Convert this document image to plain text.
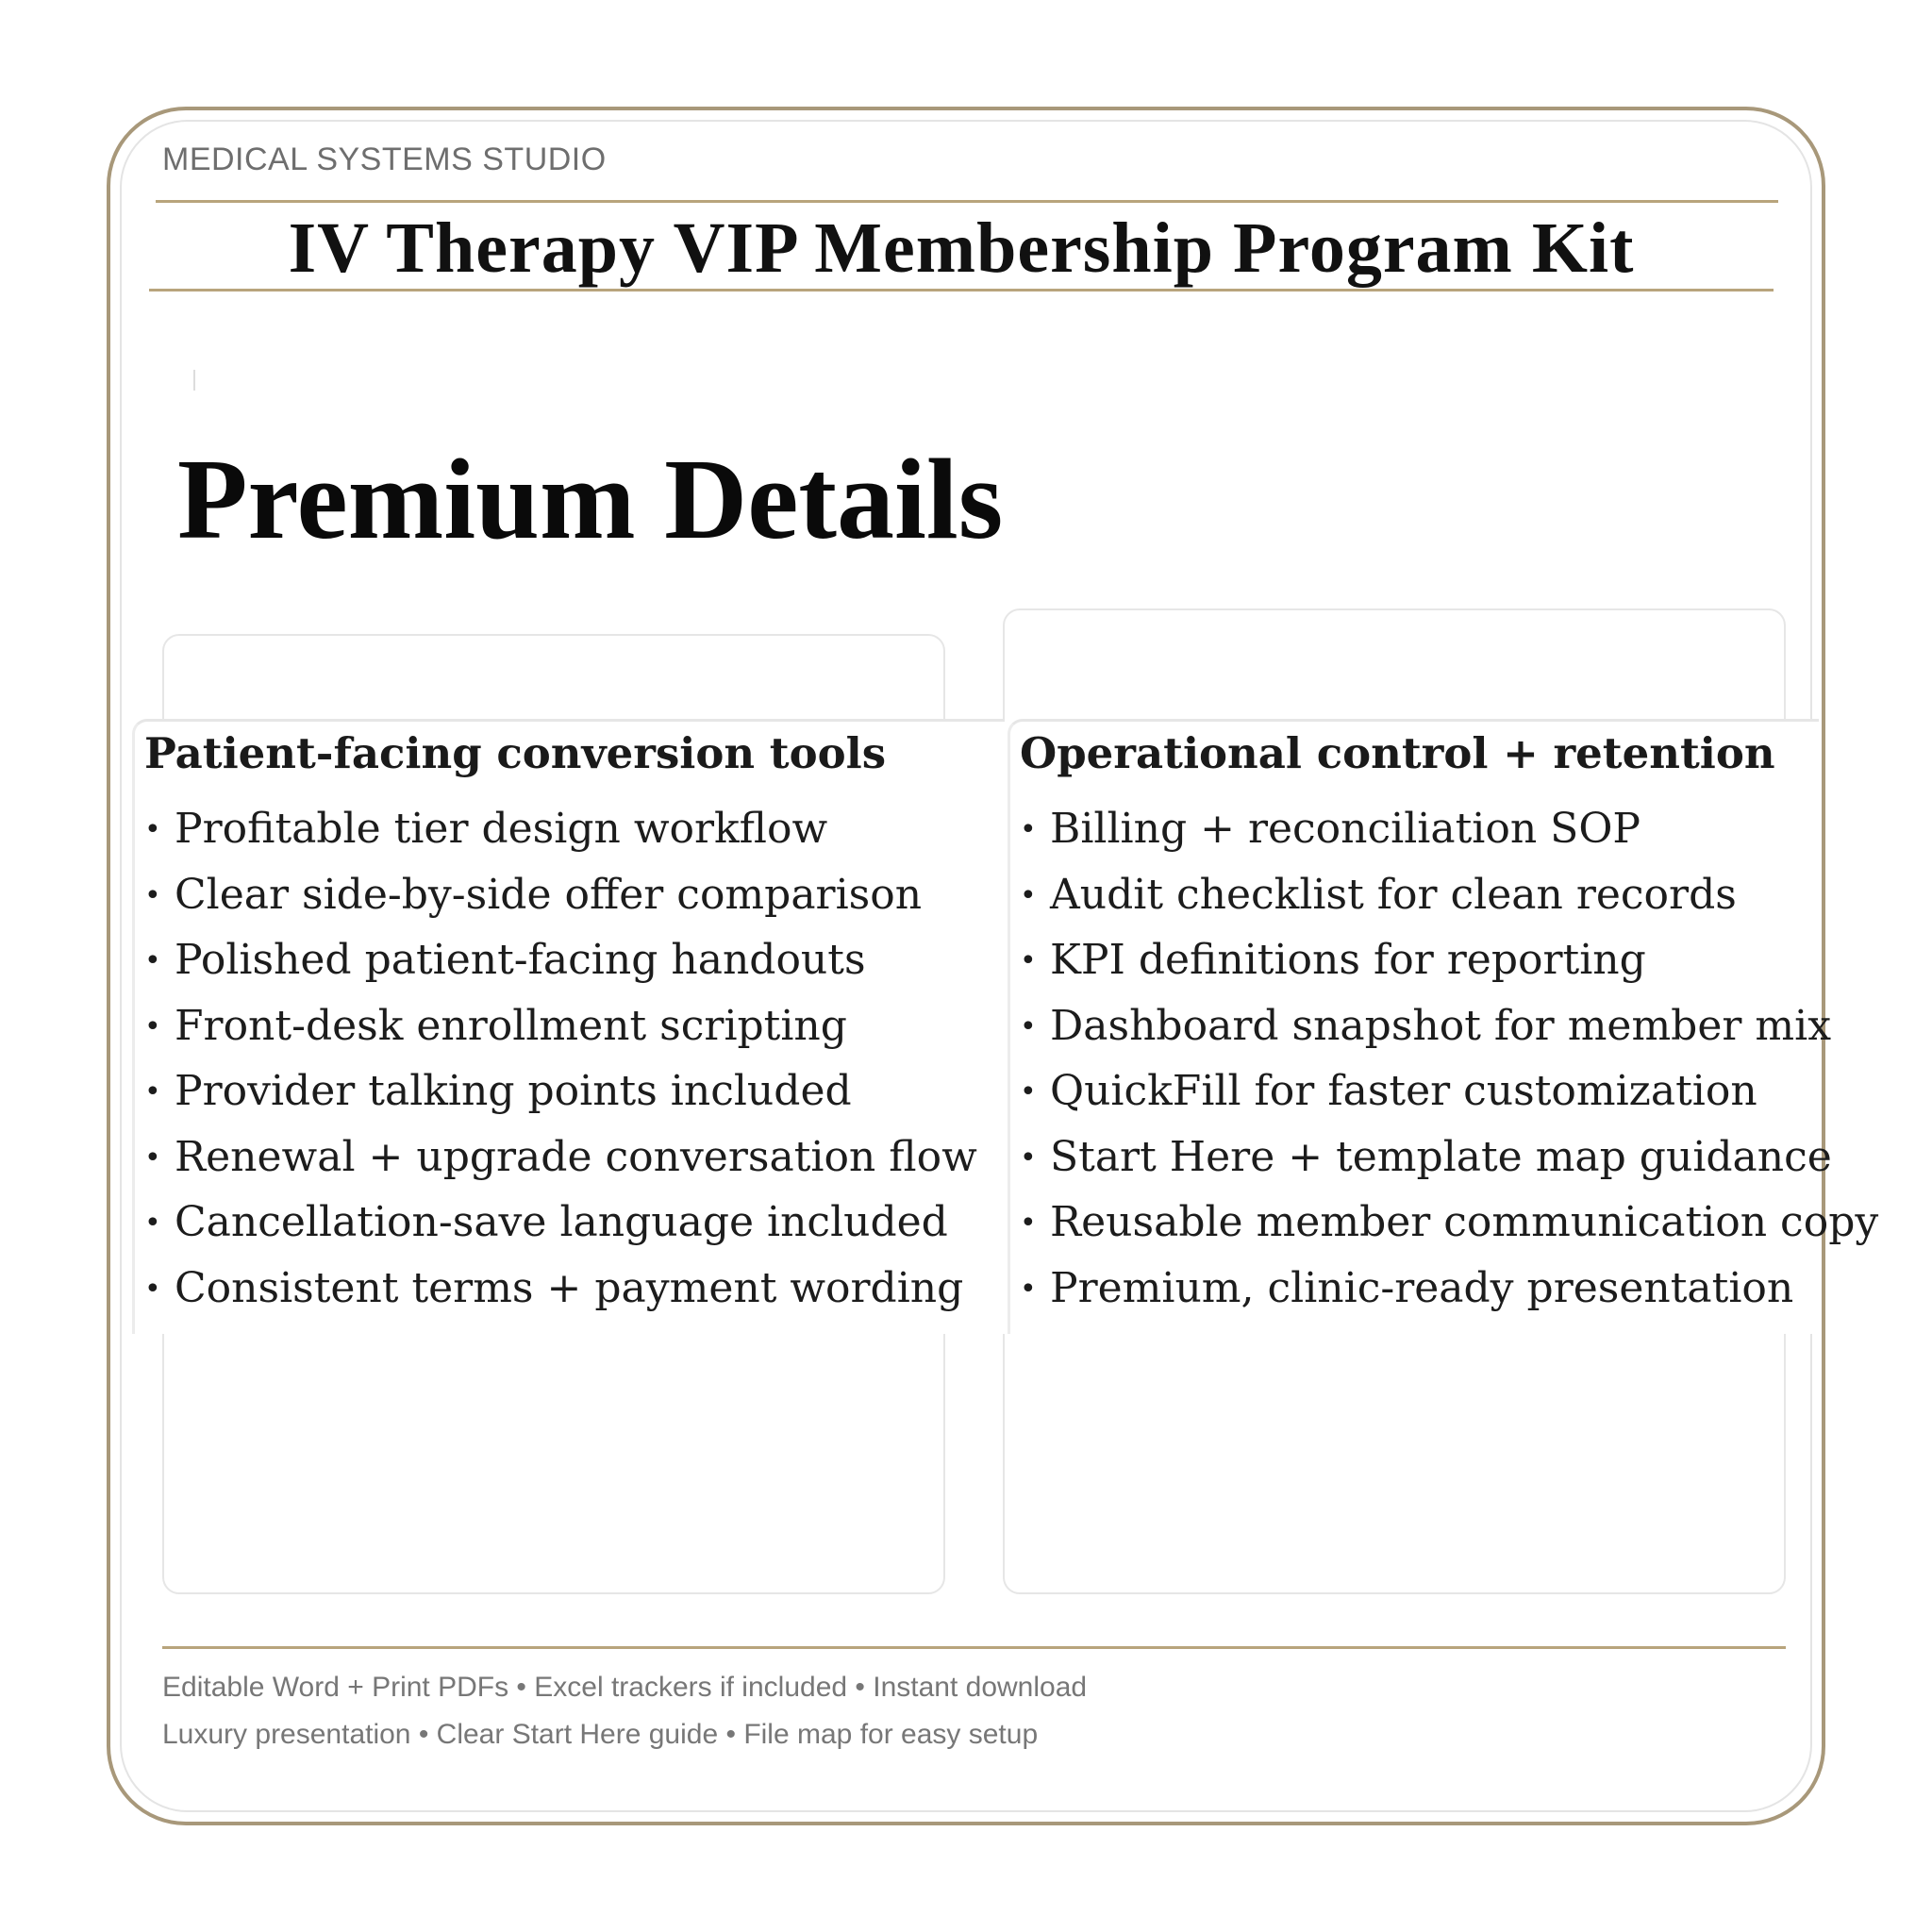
MEDICAL SYSTEMS STUDIO
IV Therapy VIP Membership Program Kit
Premium Details
Patient-facing conversion tools
• Profitable tier design workflow
• Clear side-by-side offer comparison
• Polished patient-facing handouts
• Front-desk enrollment scripting
• Provider talking points included
• Renewal + upgrade conversation flow
• Cancellation-save language included
• Consistent terms + payment wording
Operational control + retention
• Billing + reconciliation SOP
• Audit checklist for clean records
• KPI definitions for reporting
• Dashboard snapshot for member mix
• QuickFill for faster customization
• Start Here + template map guidance
• Reusable member communication copy
• Premium, clinic-ready presentation
Editable Word + Print PDFs • Excel trackers if included • Instant download
Luxury presentation • Clear Start Here guide • File map for easy setup
